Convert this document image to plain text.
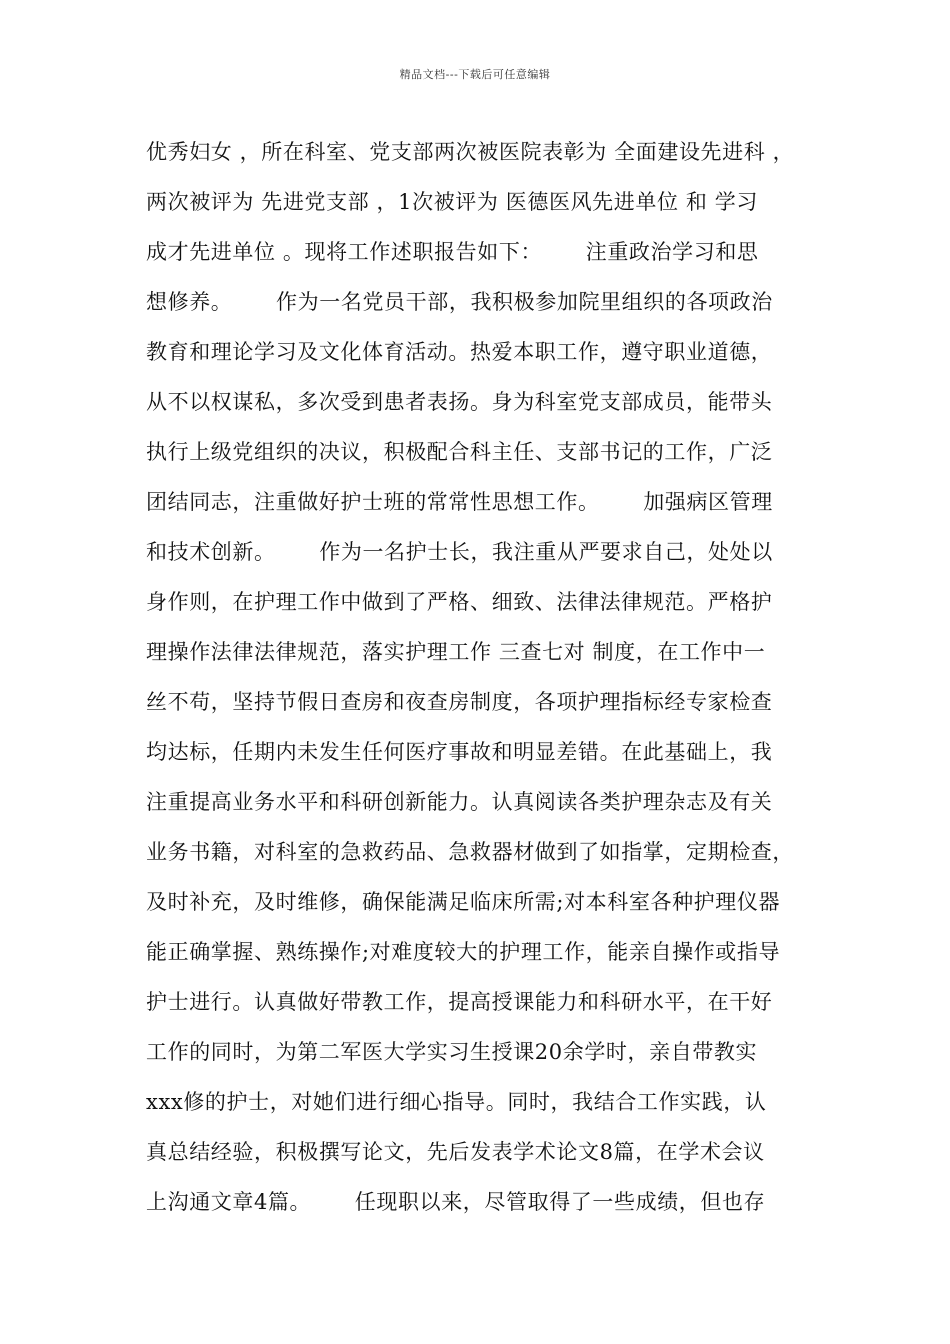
精品文档---下载后可任意编辑
优秀妇女 ，所在科室、党支部两次被医院表彰为 全面建设先进科 ，
两次被评为 先进党支部 ，1次被评为 医德医风先进单位 和 学习
成才先进单位 。现将工作述职报告如下：      注重政治学习和思
想修养。      作为一名党员干部，我积极参加院里组织的各项政治
教育和理论学习及文化体育活动。热爱本职工作，遵守职业道德，
从不以权谋私，多次受到患者表扬。身为科室党支部成员，能带头
执行上级党组织的决议，积极配合科主任、支部书记的工作，广泛
团结同志，注重做好护士班的常常性思想工作。      加强病区管理
和技术创新。      作为一名护士长，我注重从严要求自己，处处以
身作则，在护理工作中做到了严格、细致、法律法律规范。严格护
理操作法律法律规范，落实护理工作 三查七对 制度，在工作中一
丝不苟，坚持节假日查房和夜查房制度，各项护理指标经专家检查
均达标，任期内未发生任何医疗事故和明显差错。在此基础上，我
注重提高业务水平和科研创新能力。认真阅读各类护理杂志及有关
业务书籍，对科室的急救药品、急救器材做到了如指掌，定期检查，
及时补充，及时维修，确保能满足临床所需;对本科室各种护理仪器
能正确掌握、熟练操作;对难度较大的护理工作，能亲自操作或指导
护士进行。认真做好带教工作，提高授课能力和科研水平，在干好
工作的同时，为第二军医大学实习生授课20余学时，亲自带教实
xxx修的护士，对她们进行细心指导。同时，我结合工作实践，认
真总结经验，积极撰写论文，先后发表学术论文8篇，在学术会议
上沟通文章4篇。      任现职以来，尽管取得了一些成绩，但也存
